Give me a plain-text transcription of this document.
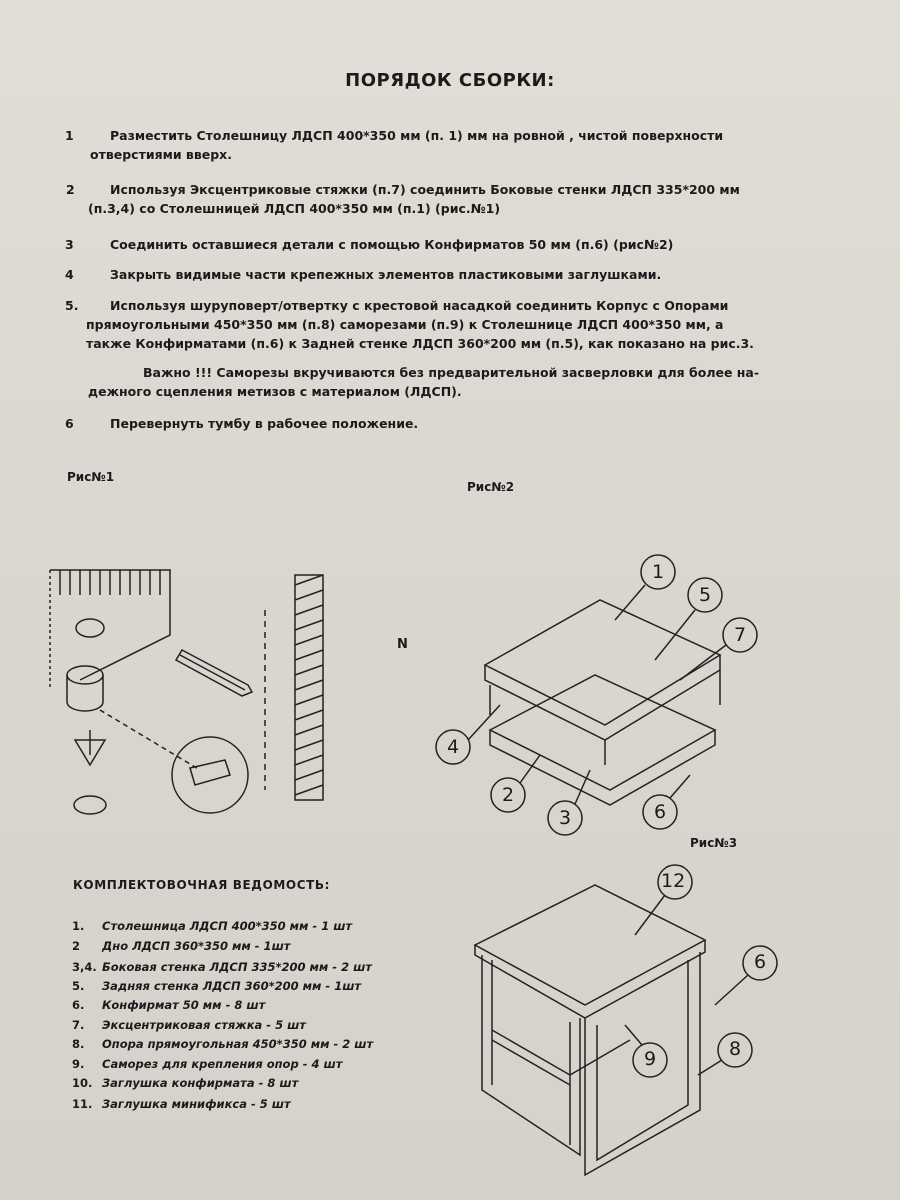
ПОРЯДОК СБОРКИ:
1	Разместить Столешницу ЛДСП 400*350 мм (п. 1) мм на ровной , чистой поверхности
отверстиями вверх.
2	Используя Эксцентриковые стяжки (п.7) соединить Боковые стенки ЛДСП 335*200 мм
(п.3,4) со Столешницей ЛДСП 400*350 мм (п.1) (рис.№1)
3	Соединить оставшиеся детали с помощью Конфирматов 50 мм (п.6) (рис№2)
4	Закрыть видимые части крепежных элементов пластиковыми заглушками.
5.	Используя шуруповерт/отвертку с крестовой насадкой соединить Корпус с Опорами
прямоугольными 450*350 мм (п.8) саморезами (п.9) к Столешнице ЛДСП 400*350 мм, а
также Конфирматами (п.6) к Задней стенке ЛДСП 360*200 мм (п.5), как показано на рис.3.
Важно !!! Саморезы вкручиваются без предварительной засверловки для более на-
дежного сцепления метизов с материалом (ЛДСП).
6	Перевернуть тумбу в рабочее положение.
Рис№1
Рис№2
Рис№3
N
1
5
7
4
2
3	6
12
6
9	8
КОМПЛЕКТОВОЧНАЯ ВЕДОМОСТЬ:
1. Столешница ЛДСП 400*350 мм - 1 шт
2 Дно ЛДСП 360*350 мм - 1шт
3,4. Боковая стенка ЛДСП 335*200 мм - 2 шт
5. Задняя стенка ЛДСП 360*200 мм - 1шт
6. Конфирмат 50 мм - 8 шт
7. Эксцентриковая стяжка - 5 шт
8. Опора прямоугольная 450*350 мм - 2 шт
9. Саморез для крепления опор - 4 шт
10. Заглушка конфирмата - 8 шт
11. Заглушка минификса - 5 шт
